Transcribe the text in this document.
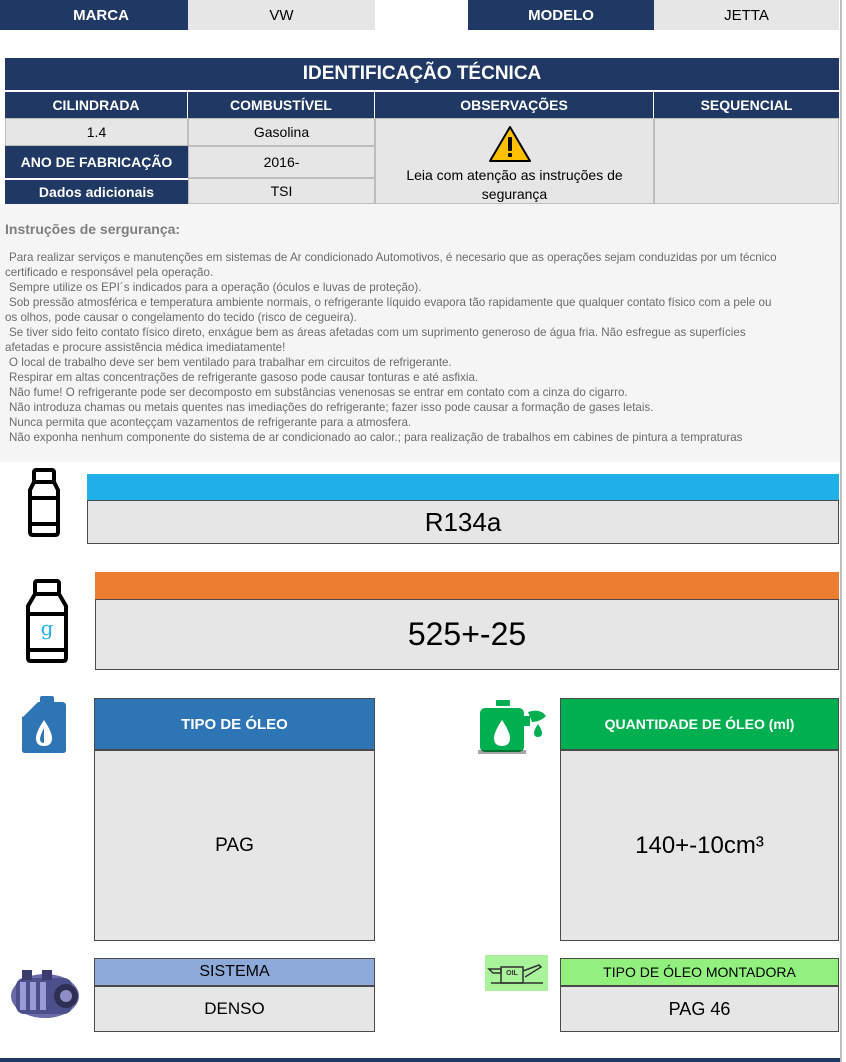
MARCA	VW	MODELO	JETTA
IDENTIFICAÇÃO TÉCNICA
CILINDRADA	COMBUSTÍVEL	OBSERVAÇÕES	SEQUENCIAL
1.4	Gasolina
ANO DE FABRICAÇÃO	2016-
Dados adicionais	TSI
Leia com atenção as instruções de
segurança
Instruções de sergurança:
Para realizar serviços e manutenções em sistemas de Ar condicionado Automotivos, é necesario que as operações sejam conduzidas por um técnico
certificado e responsável pela operação.
Sempre utilize os EPI´s indicados para a operação (óculos e luvas de proteção).
Sob pressão atmosférica e temperatura ambiente normais, o refrigerante líquido evapora tão rapidamente que qualquer contato físico com a pele ou
os olhos, pode causar o congelamento do tecido (risco de cegueira).
Se tiver sido feito contato físico direto, enxágue bem as áreas afetadas com um suprimento generoso de água fria. Não esfregue as superfícies
afetadas e procure assistência médica imediatamente!
O local de trabalho deve ser bem ventilado para trabalhar em circuitos de refrigerante.
Respirar em altas concentrações de refrigerante gasoso pode causar tonturas e até asfixia.
Não fume! O refrigerante pode ser decomposto em substâncias venenosas se entrar em contato com a cinza do cigarro.
Não introduza chamas ou metais quentes nas imediações do refrigerante; fazer isso pode causar a formação de gases letais.
Nunca permita que aconteççam vazamentos de refrigerante para a atmosfera.
Não exponha nenhum componente do sistema de ar condicionado ao calor.; para realização de trabalhos em cabines de pintura a tempraturas
R134a
g	525+-25
TIPO DE ÓLEO
PAG
QUANTIDADE DE ÓLEO (ml)
140+-10cm³
SISTEMA
DENSO
OIL	TIPO DE ÓLEO MONTADORA
PAG 46
